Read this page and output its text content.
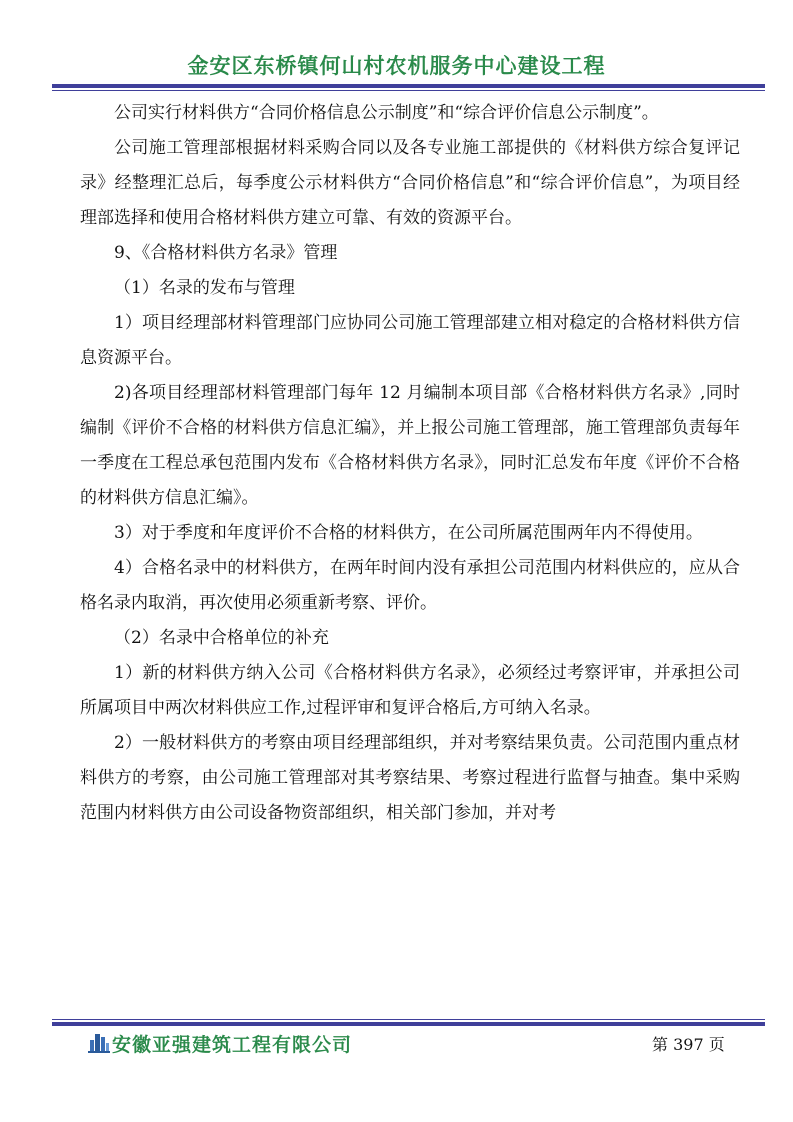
金安区东桥镇何山村农机服务中心建设工程

公司实行材料供方“合同价格信息公示制度”和“综合评价信息公示制度”。

公司施工管理部根据材料采购合同以及各专业施工部提供的《材料供方综合复评记录》经整理汇总后，每季度公示材料供方“合同价格信息”和“综合评价信息”，为项目经理部选择和使用合格材料供方建立可靠、有效的资源平台。

9、《合格材料供方名录》管理

（1）名录的发布与管理

1）项目经理部材料管理部门应协同公司施工管理部建立相对稳定的合格材料供方信息资源平台。

2)各项目经理部材料管理部门每年 12 月编制本项目部《合格材料供方名录》,同时编制《评价不合格的材料供方信息汇编》，并上报公司施工管理部，施工管理部负责每年一季度在工程总承包范围内发布《合格材料供方名录》，同时汇总发布年度《评价不合格的材料供方信息汇编》。

3）对于季度和年度评价不合格的材料供方，在公司所属范围两年内不得使用。

4）合格名录中的材料供方，在两年时间内没有承担公司范围内材料供应的，应从合格名录内取消，再次使用必须重新考察、评价。

（2）名录中合格单位的补充

1）新的材料供方纳入公司《合格材料供方名录》，必须经过考察评审，并承担公司所属项目中两次材料供应工作,过程评审和复评合格后,方可纳入名录。

2）一般材料供方的考察由项目经理部组织，并对考察结果负责。公司范围内重点材料供方的考察，由公司施工管理部对其考察结果、考察过程进行监督与抽查。集中采购范围内材料供方由公司设备物资部组织，相关部门参加，并对考

安徽亚强建筑工程有限公司	第 397 页
